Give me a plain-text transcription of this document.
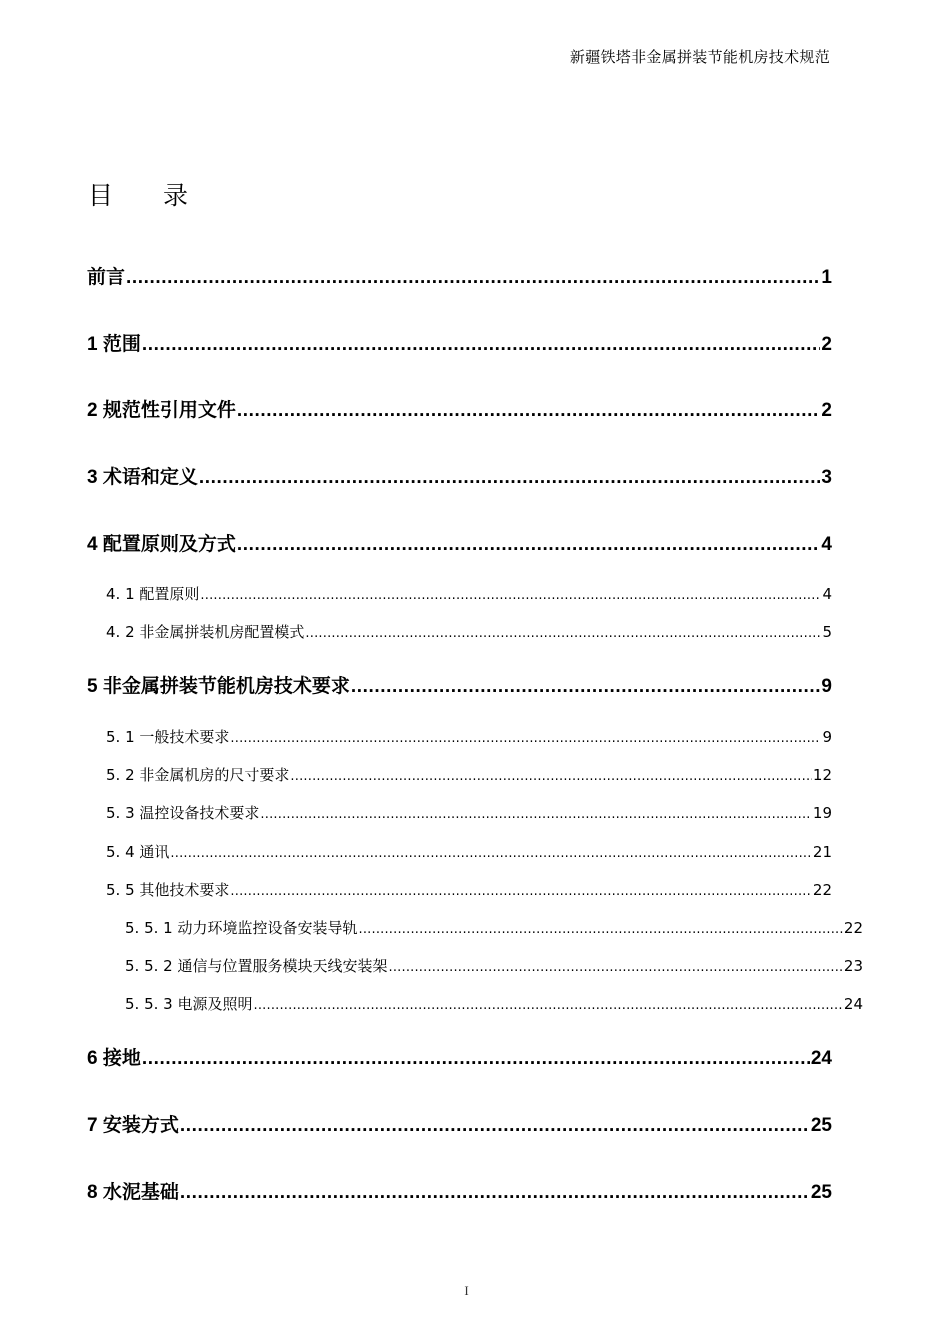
新疆铁塔非金属拼装节能机房技术规范
目 录
前言 .....	1
1 范围 .....	2
2 规范性引用文件 .....	2
3 术语和定义 .....	3
4 配置原则及方式 .....	4
4. 1 配置原则 .....	4
4. 2 非金属拼装机房配置模式 .....	5
5 非金属拼装节能机房技术要求 .....	9
5. 1 一般技术要求 .....	9
5. 2 非金属机房的尺寸要求 .....	12
5. 3 温控设备技术要求 .....	19
5. 4 通讯 .....	21
5. 5 其他技术要求 .....	22
5. 5. 1 动力环境监控设备安装导轨 .....	22
5. 5. 2 通信与位置服务模块天线安装架 .....	23
5. 5. 3 电源及照明 .....	24
6 接地 .....	24
7 安装方式 .....	25
8 水泥基础 .....	25
I
